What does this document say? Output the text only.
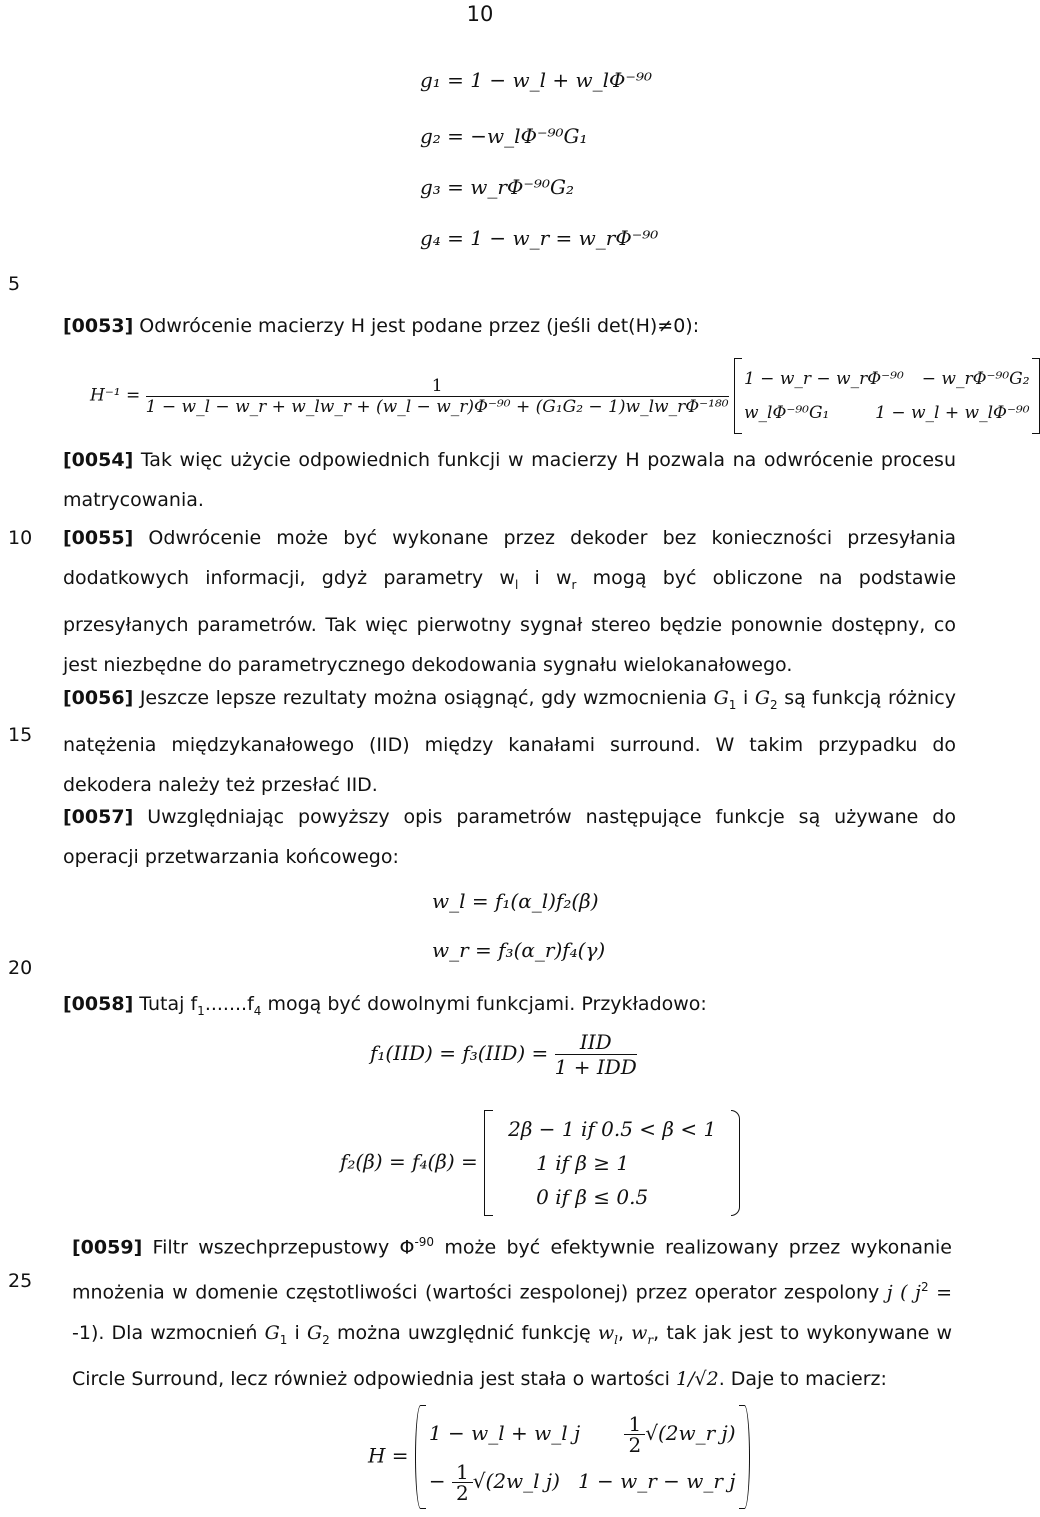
10
5
10
15
20
25
g₁ = 1 − w_l + w_lΦ⁻⁹⁰
g₂ = −w_lΦ⁻⁹⁰G₁
g₃ = w_rΦ⁻⁹⁰G₂
g₄ = 1 − w_r = w_rΦ⁻⁹⁰
[0053] Odwrócenie macierzy H jest podane przez (jeśli det(H)≠0):
H⁻¹ =	1
1 − w_l − w_r + w_lw_r + (w_l − w_r)Φ⁻⁹⁰ + (G₁G₂ − 1)w_lw_rΦ⁻¹⁸⁰

1 − w_r − w_rΦ⁻⁹⁰ − w_rΦ⁻⁹⁰G₂
w_lΦ⁻⁹⁰G₁	1 − w_l + w_lΦ⁻⁹⁰
[0054] Tak więc użycie odpowiednich funkcji w macierzy H pozwala na odwrócenie procesu matrycowania.
[0055] Odwrócenie może być wykonane przez dekoder bez konieczności przesyłania dodatkowych informacji, gdyż parametry $w_l$ i $w_r$ mogą być obliczone na podstawie przesyłanych parametrów. Tak więc pierwotny sygnał stereo będzie ponownie dostępny, co jest niezbędne do parametrycznego dekodowania sygnału wielokanałowego.
[0056] Jeszcze lepsze rezultaty można osiągnąć, gdy wzmocnienia $G_1$ i $G_2$ są funkcją różnicy natężenia międzykanałowego (IID) między kanałami surround. W takim przypadku do dekodera należy też przesłać IID.
[0057] Uwzględniając powyższy opis parametrów następujące funkcje są używane do operacji przetwarzania końcowego:
w_l = f₁(α_l)f₂(β)
w_r = f₃(α_r)f₄(γ)
[0058] Tutaj $f_1.......f_4$ mogą być dowolnymi funkcjami. Przykładowo:
$f_1(IID) = f_3(IID) = \frac{\text{IID}}{\text{1 + IDD}}$
f₂(β) = f₄(β) =
2β − 1 if 0.5 < β < 1
1 if β ≥ 1
0 if β ≤ 0.5
[0059] Filtr wszechprzepustowy $\Phi^{-90}$ może być efektywnie realizowany przez wykonanie mnożenia w domenie częstotliwości (wartości zespolonej) przez operator zespolony j ( $j^2 = -1$). Dla wzmocnień $G_1$ i $G_2$ można uwzględnić funkcję $w_l$, $w_r$, tak jak jest to wykonywane w Circle Surround, lecz również odpowiednia jest stała o wartości 1/√2. Daje to macierz:
H =
1 − w_l + w_l j $\frac{1}{2}$ √(2w_r j)
− $\frac{1}{2}$ √(2w_l j) 1 − w_r − w_r j
